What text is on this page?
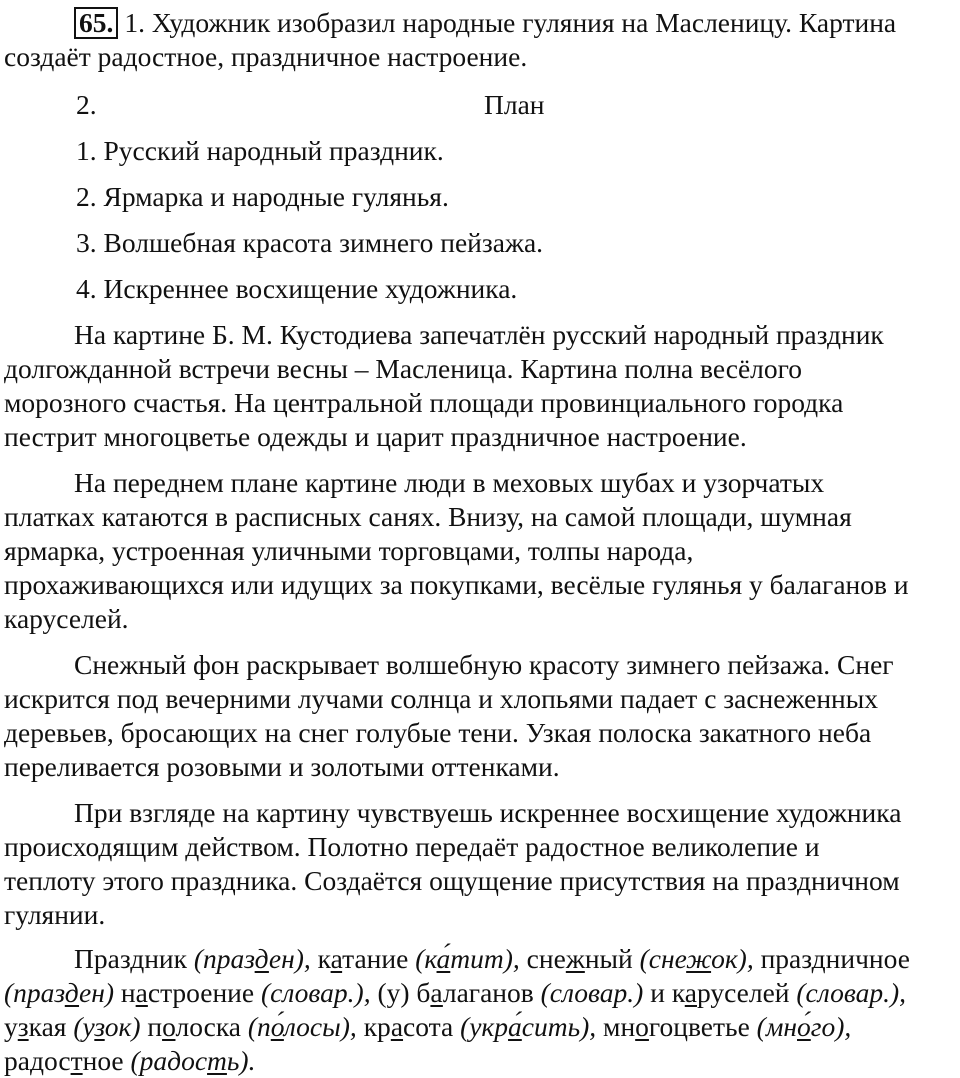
65. 1. Художник изобразил народные гуляния на Масленицу. Картина
создаёт радостное, праздничное настроение.
2.	План
1. Русский народный праздник.
2. Ярмарка и народные гулянья.
3. Волшебная красота зимнего пейзажа.
4. Искреннее восхищение художника.
На картине Б. М. Кустодиева запечатлён русский народный праздник
долгожданной встречи весны – Масленица. Картина полна весёлого
морозного счастья. На центральной площади провинциального городка
пестрит многоцветье одежды и царит праздничное настроение.
На переднем плане картине люди в меховых шубах и узорчатых
платках катаются в расписных санях. Внизу, на самой площади, шумная
ярмарка, устроенная уличными торговцами, толпы народа,
прохаживающихся или идущих за покупками, весёлые гулянья у балаганов и
каруселей.
Снежный фон раскрывает волшебную красоту зимнего пейзажа. Снег
искрится под вечерними лучами солнца и хлопьями падает с заснеженных
деревьев, бросающих на снег голубые тени. Узкая полоска закатного неба
переливается розовыми и золотыми оттенками.
При взгляде на картину чувствуешь искреннее восхищение художника
происходящим действом. Полотно передаёт радостное великолепие и
теплоту этого праздника. Создаётся ощущение присутствия на праздничном
гулянии.
Праздник (празден), катание (ка́тит), снежный (снежок), праздничное
(празден) настроение (словар.), (у) балаганов (словар.) и каруселей (словар.),
узкая (узок) полоска (по́лосы), красота (укра́сить), многоцветье (мно́го),
радостное (радость).
